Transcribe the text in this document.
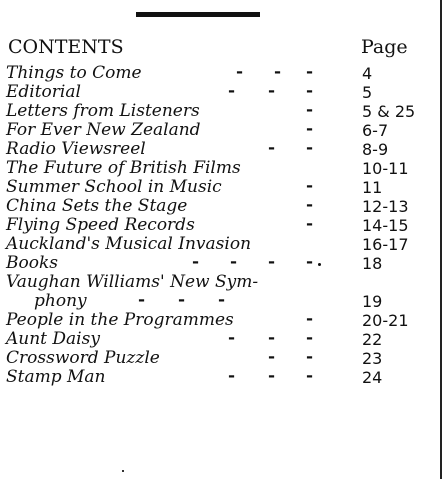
CONTENTS	Page
Things to Come	- - -	4
Editorial	- - -	5
Letters from Listeners	-	5 & 25
For Ever New Zealand	-	6-7
Radio Viewsreel	- -	8-9
The Future of British Films	10-11
Summer School in Music	-	11
China Sets the Stage	-	12-13
Flying Speed Records	-	14-15
Auckland's Musical Invasion	16-17
Books	- - - -	18
Vaughan Williams' New Sym-
phony	- - -	19
People in the Programmes	-	20-21
Aunt Daisy	- - -	22
Crossword Puzzle	- -	23
Stamp Man	- - -	24
